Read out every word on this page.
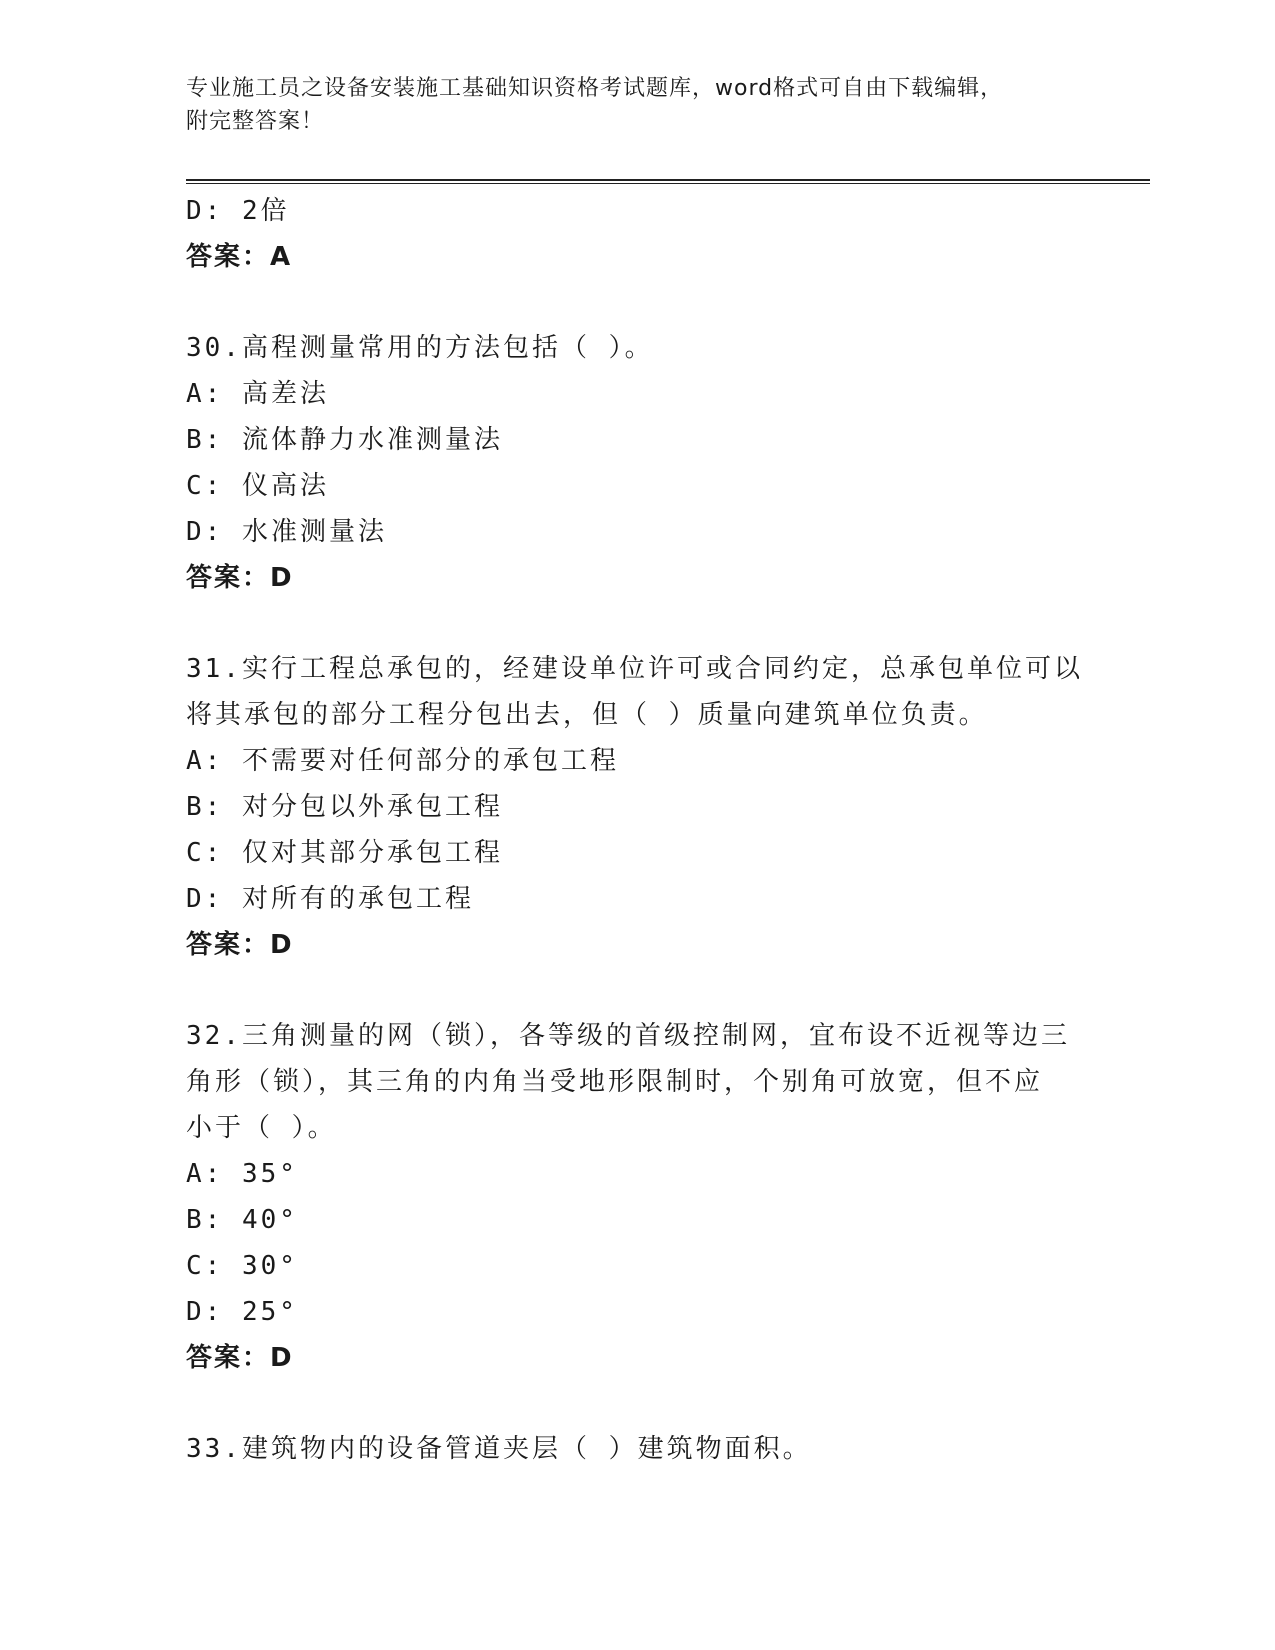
专业施工员之设备安装施工基础知识资格考试题库，word格式可自由下载编辑，
附完整答案！
D: 2倍
答案：A
30.高程测量常用的方法包括（ ）。
A: 高差法
B: 流体静力水准测量法
C: 仪高法
D: 水准测量法
答案：D
31.实行工程总承包的，经建设单位许可或合同约定，总承包单位可以
将其承包的部分工程分包出去，但（ ）质量向建筑单位负责。
A: 不需要对任何部分的承包工程
B: 对分包以外承包工程
C: 仅对其部分承包工程
D: 对所有的承包工程
答案：D
32.三角测量的网（锁），各等级的首级控制网，宜布设不近视等边三
角形（锁），其三角的内角当受地形限制时，个别角可放宽，但不应
小于（ ）。
A: 35°
B: 40°
C: 30°
D: 25°
答案：D
33.建筑物内的设备管道夹层（ ）建筑物面积。
